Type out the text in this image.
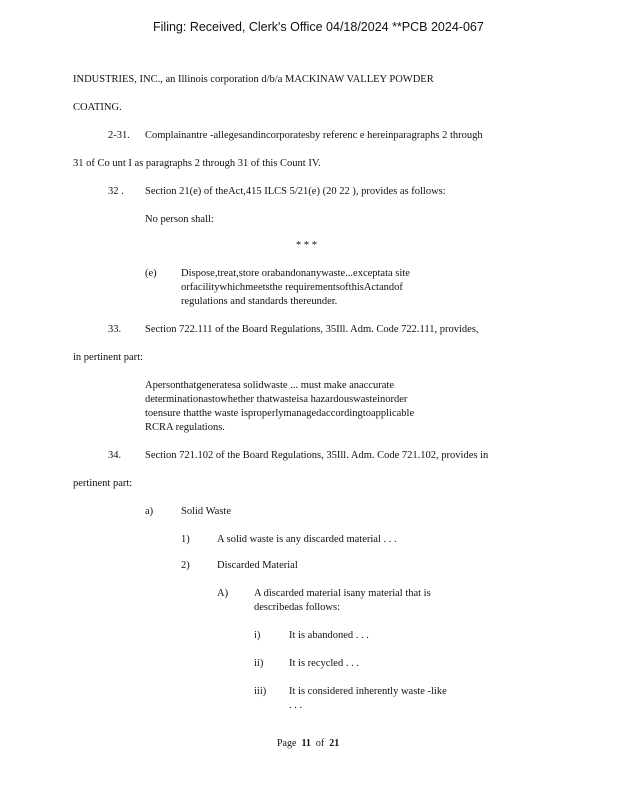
Filing: Received, Clerk's Office 04/18/2024 **PCB 2024-067
INDUSTRIES, INC., an Illinois corporation d/b/a MACKINAW VALLEY POWDER
COATING.
2-31. Complainantre -allegesandincorporatesby referenc e hereinparagraphs 2 through
31 of Co unt I as paragraphs 2 through 31 of this Count IV.
32 . Section 21(e) of theAct,415 ILCS 5/21(e) (20 22 ), provides as follows:
No person shall:
* * *
(e) Dispose,treat,store orabandonanywaste...exceptata site
orfacilitywhichmeetsthe requirementsofthisActandof
regulations and standards thereunder.
33. Section 722.111 of the Board Regulations, 35Ill. Adm. Code 722.111, provides,
in pertinent part:
Apersonthatgeneratesa solidwaste ... must make anaccurate
determinationastowhether thatwasteisa hazardouswasteinorder
toensure thatthe waste isproperlymanagedaccordingtoapplicable
RCRA regulations.
34. Section 721.102 of the Board Regulations, 35Ill. Adm. Code 721.102, provides in
pertinent part:
a)	Solid Waste
1)	A solid waste is any discarded material . . .
2)	Discarded Material
A) A discarded material isany material that is
describedas follows:
i)	It is abandoned . . .
ii) It is recycled . . .
iii) It is considered inherently waste -like
. . .
Page 11 of 21
